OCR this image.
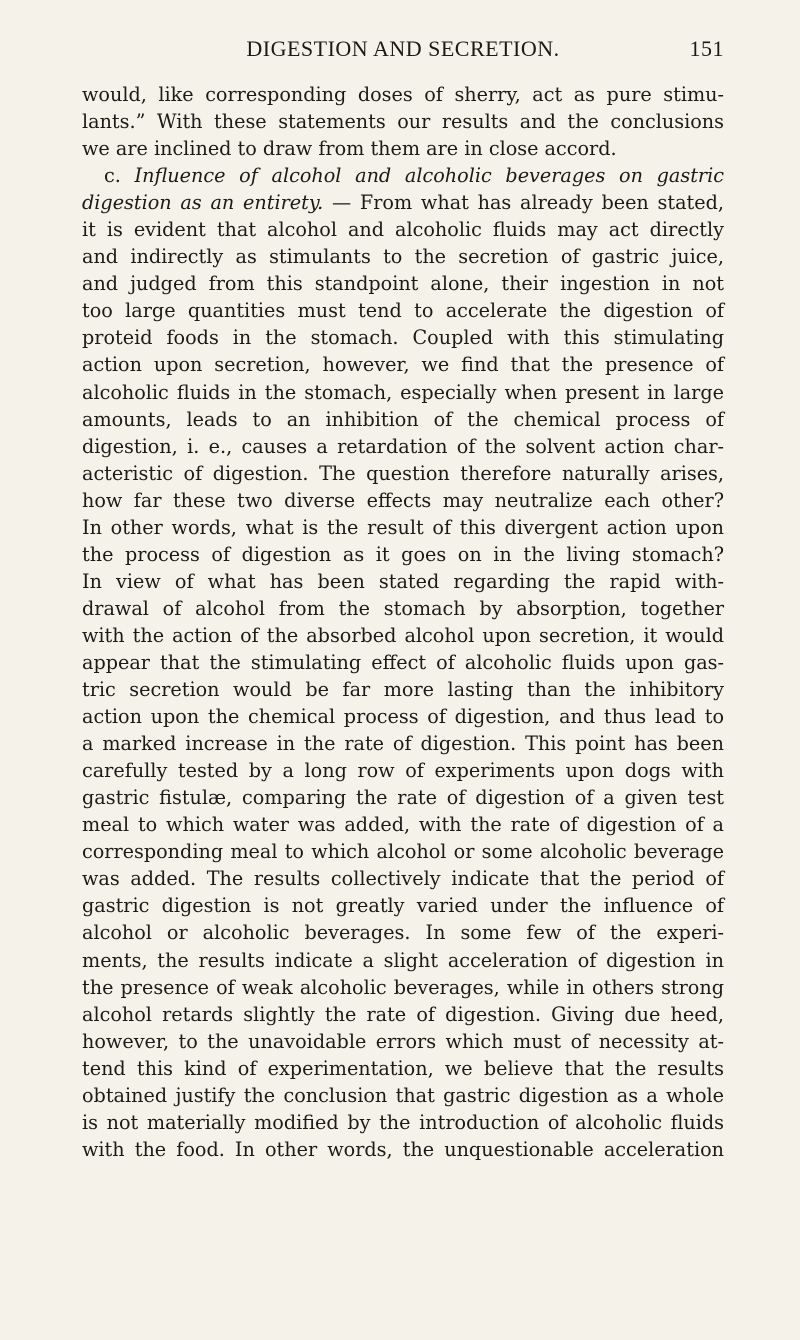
DIGESTION AND SECRETION.	151
would, like corresponding doses of sherry, act as pure stimu-
lants.” With these statements our results and the conclusions
we are inclined to draw from them are in close accord.
c. Influence of alcohol and alcoholic beverages on gastric
digestion as an entirety. — From what has already been stated,
it is evident that alcohol and alcoholic fluids may act directly
and indirectly as stimulants to the secretion of gastric juice,
and judged from this standpoint alone, their ingestion in not
too large quantities must tend to accelerate the digestion of
proteid foods in the stomach. Coupled with this stimulating
action upon secretion, however, we find that the presence of
alcoholic fluids in the stomach, especially when present in large
amounts, leads to an inhibition of the chemical process of
digestion, i. e., causes a retardation of the solvent action char-
acteristic of digestion. The question therefore naturally arises,
how far these two diverse effects may neutralize each other?
In other words, what is the result of this divergent action upon
the process of digestion as it goes on in the living stomach?
In view of what has been stated regarding the rapid with-
drawal of alcohol from the stomach by absorption, together
with the action of the absorbed alcohol upon secretion, it would
appear that the stimulating effect of alcoholic fluids upon gas-
tric secretion would be far more lasting than the inhibitory
action upon the chemical process of digestion, and thus lead to
a marked increase in the rate of digestion. This point has been
carefully tested by a long row of experiments upon dogs with
gastric fistulæ, comparing the rate of digestion of a given test
meal to which water was added, with the rate of digestion of a
corresponding meal to which alcohol or some alcoholic beverage
was added. The results collectively indicate that the period of
gastric digestion is not greatly varied under the influence of
alcohol or alcoholic beverages. In some few of the experi-
ments, the results indicate a slight acceleration of digestion in
the presence of weak alcoholic beverages, while in others strong
alcohol retards slightly the rate of digestion. Giving due heed,
however, to the unavoidable errors which must of necessity at-
tend this kind of experimentation, we believe that the results
obtained justify the conclusion that gastric digestion as a whole
is not materially modified by the introduction of alcoholic fluids
with the food. In other words, the unquestionable acceleration
